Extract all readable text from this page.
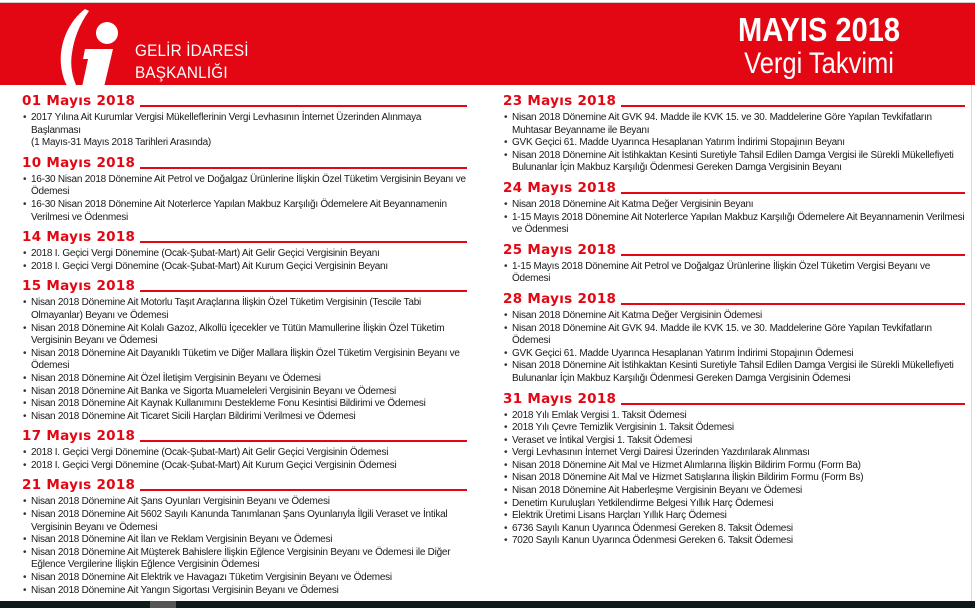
GELİR İDARESİ
BAŞKANLIĞI
MAYIS 2018
Vergi Takvimi
01 Mayıs 2018
• 2017 Yılına Ait Kurumlar Vergisi Mükelleflerinin Vergi Levhasının İnternet Üzerinden Alınmaya Başlanması
(1 Mayıs-31 Mayıs 2018 Tarihleri Arasında)
10 Mayıs 2018
• 16-30 Nisan 2018 Dönemine Ait Petrol ve Doğalgaz Ürünlerine İlişkin Özel Tüketim Vergisinin Beyanı ve Ödemesi
• 16-30 Nisan 2018 Dönemine Ait Noterlerce Yapılan Makbuz Karşılığı Ödemelere Ait Beyannamenin Verilmesi ve Ödenmesi
14 Mayıs 2018
• 2018 I. Geçici Vergi Dönemine (Ocak-Şubat-Mart) Ait Gelir Geçici Vergisinin Beyanı
• 2018 I. Geçici Vergi Dönemine (Ocak-Şubat-Mart) Ait Kurum Geçici Vergisinin Beyanı
15 Mayıs 2018
• Nisan 2018 Dönemine Ait Motorlu Taşıt Araçlarına İlişkin Özel Tüketim Vergisinin (Tescile Tabi Olmayanlar) Beyanı ve Ödemesi
• Nisan 2018 Dönemine Ait Kolalı Gazoz, Alkollü İçecekler ve Tütün Mamullerine İlişkin Özel Tüketim Vergisinin Beyanı ve Ödemesi
• Nisan 2018 Dönemine Ait Dayanıklı Tüketim ve Diğer Mallara İlişkin Özel Tüketim Vergisinin Beyanı ve Ödemesi
• Nisan 2018 Dönemine Ait Özel İletişim Vergisinin Beyanı ve Ödemesi
• Nisan 2018 Dönemine Ait Banka ve Sigorta Muameleleri Vergisinin Beyanı ve Ödemesi
• Nisan 2018 Dönemine Ait Kaynak Kullanımını Destekleme Fonu Kesintisi Bildirimi ve Ödemesi
• Nisan 2018 Dönemine Ait Ticaret Sicili Harçları Bildirimi Verilmesi ve Ödemesi
17 Mayıs 2018
• 2018 I. Geçici Vergi Dönemine (Ocak-Şubat-Mart) Ait Gelir Geçici Vergisinin Ödemesi
• 2018 I. Geçici Vergi Dönemine (Ocak-Şubat-Mart) Ait Kurum Geçici Vergisinin Ödemesi
21 Mayıs 2018
• Nisan 2018 Dönemine Ait Şans Oyunları Vergisinin Beyanı ve Ödemesi
• Nisan 2018 Dönemine Ait 5602 Sayılı Kanunda Tanımlanan Şans Oyunlarıyla İlgili Veraset ve İntikal Vergisinin Beyanı ve Ödemesi
• Nisan 2018 Dönemine Ait İlan ve Reklam Vergisinin Beyanı ve Ödemesi
• Nisan 2018 Dönemine Ait Müşterek Bahislere İlişkin Eğlence Vergisinin Beyanı ve Ödemesi ile Diğer Eğlence Vergilerine İlişkin Eğlence Vergisinin Ödemesi
• Nisan 2018 Dönemine Ait Elektrik ve Havagazı Tüketim Vergisinin Beyanı ve Ödemesi
• Nisan 2018 Dönemine Ait Yangın Sigortası Vergisinin Beyanı ve Ödemesi
23 Mayıs 2018
• Nisan 2018 Dönemine Ait GVK 94. Madde ile KVK 15. ve 30. Maddelerine Göre Yapılan Tevkifatların Muhtasar Beyanname ile Beyanı
• GVK Geçici 61. Madde Uyarınca Hesaplanan Yatırım İndirimi Stopajının Beyanı
• Nisan 2018 Dönemine Ait İstihkaktan Kesinti Suretiyle Tahsil Edilen Damga Vergisi ile Sürekli Mükellefiyeti Bulunanlar İçin Makbuz Karşılığı Ödenmesi Gereken Damga Vergisinin Beyanı
24 Mayıs 2018
• Nisan 2018 Dönemine Ait Katma Değer Vergisinin Beyanı
• 1-15 Mayıs 2018 Dönemine Ait Noterlerce Yapılan Makbuz Karşılığı Ödemelere Ait Beyannamenin Verilmesi ve Ödenmesi
25 Mayıs 2018
• 1-15 Mayıs 2018 Dönemine Ait Petrol ve Doğalgaz Ürünlerine İlişkin Özel Tüketim Vergisi Beyanı ve Ödemesi
28 Mayıs 2018
• Nisan 2018 Dönemine Ait Katma Değer Vergisinin Ödemesi
• Nisan 2018 Dönemine Ait GVK 94. Madde ile KVK 15. ve 30. Maddelerine Göre Yapılan Tevkifatların Ödemesi
• GVK Geçici 61. Madde Uyarınca Hesaplanan Yatırım İndirimi Stopajının Ödemesi
• Nisan 2018 Dönemine Ait İstihkaktan Kesinti Suretiyle Tahsil Edilen Damga Vergisi ile Sürekli Mükellefiyeti Bulunanlar İçin Makbuz Karşılığı Ödenmesi Gereken Damga Vergisinin Ödemesi
31 Mayıs 2018
• 2018 Yılı Emlak Vergisi 1. Taksit Ödemesi
• 2018 Yılı Çevre Temizlik Vergisinin 1. Taksit Ödemesi
• Veraset ve İntikal Vergisi 1. Taksit Ödemesi
• Vergi Levhasının İnternet Vergi Dairesi Üzerinden Yazdırılarak Alınması
• Nisan 2018 Dönemine Ait Mal ve Hizmet Alımlarına İlişkin Bildirim Formu (Form Ba)
• Nisan 2018 Dönemine Ait Mal ve Hizmet Satışlarına İlişkin Bildirim Formu (Form Bs)
• Nisan 2018 Dönemine Ait Haberleşme Vergisinin Beyanı ve Ödemesi
• Denetim Kuruluşları Yetkilendirme Belgesi Yıllık Harç Ödemesi
• Elektrik Üretimi Lisans Harçları Yıllık Harç Ödemesi
• 6736 Sayılı Kanun Uyarınca Ödenmesi Gereken 8. Taksit Ödemesi
• 7020 Sayılı Kanun Uyarınca Ödenmesi Gereken 6. Taksit Ödemesi
